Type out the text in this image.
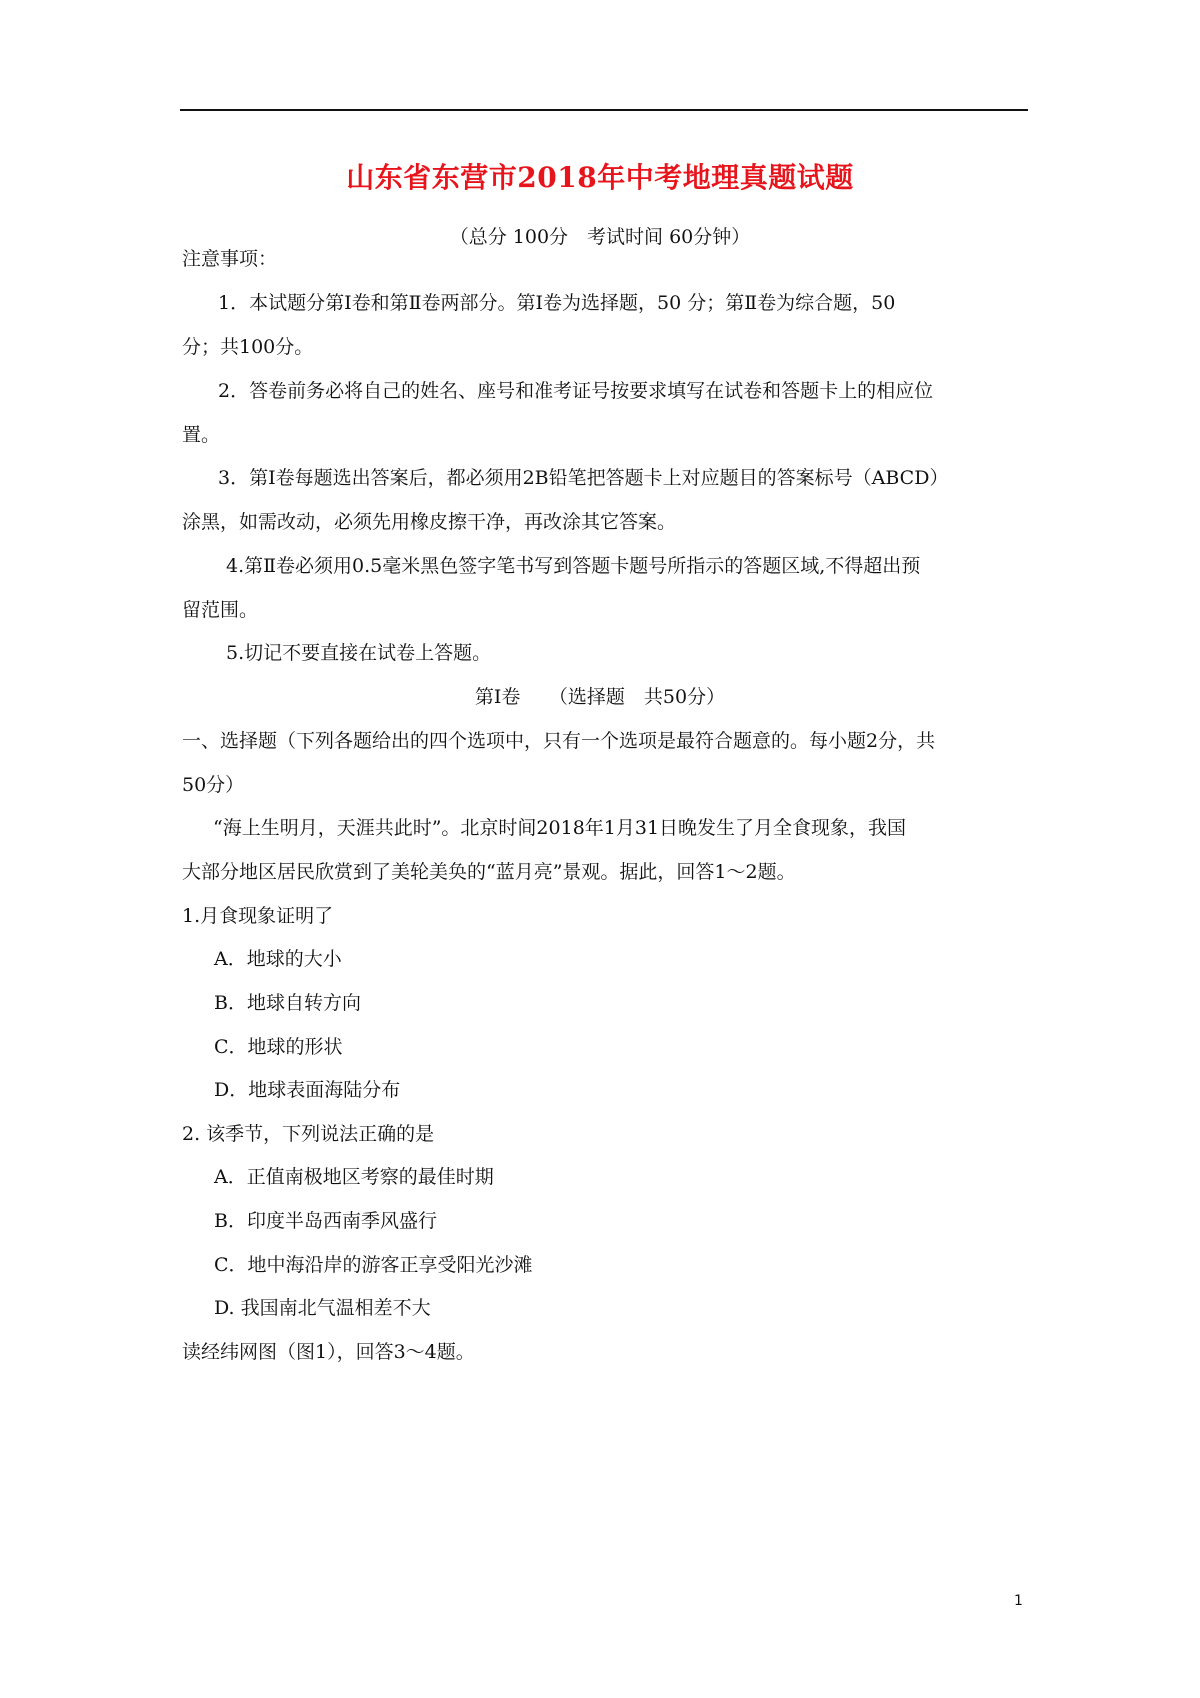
山东省东营市2018年中考地理真题试题
（总分 100分　考试时间 60分钟）
注意事项：
1．本试题分第Ⅰ卷和第Ⅱ卷两部分。第Ⅰ卷为选择题，50 分；第Ⅱ卷为综合题，50
分；共100分。
2．答卷前务必将自己的姓名、座号和准考证号按要求填写在试卷和答题卡上的相应位
置。
3．第Ⅰ卷每题选出答案后，都必须用2B铅笔把答题卡上对应题目的答案标号（ABCD）
涂黑，如需改动，必须先用橡皮擦干净，再改涂其它答案。
4.第Ⅱ卷必须用0.5毫米黑色签字笔书写到答题卡题号所指示的答题区域,不得超出预
留范围。
5.切记不要直接在试卷上答题。
第Ⅰ卷　　（选择题　共50分）
一、选择题（下列各题给出的四个选项中，只有一个选项是最符合题意的。每小题2分，共
50分）
“海上生明月，天涯共此时”。北京时间2018年1月31日晚发生了月全食现象，我国
大部分地区居民欣赏到了美轮美奂的“蓝月亮”景观。据此，回答1～2题。
1.月食现象证明了
A．地球的大小
B．地球自转方向
C．地球的形状
D．地球表面海陆分布
2. 该季节，下列说法正确的是
A．正值南极地区考察的最佳时期
B．印度半岛西南季风盛行
C．地中海沿岸的游客正享受阳光沙滩
D. 我国南北气温相差不大
读经纬网图（图1），回答3～4题。
1
